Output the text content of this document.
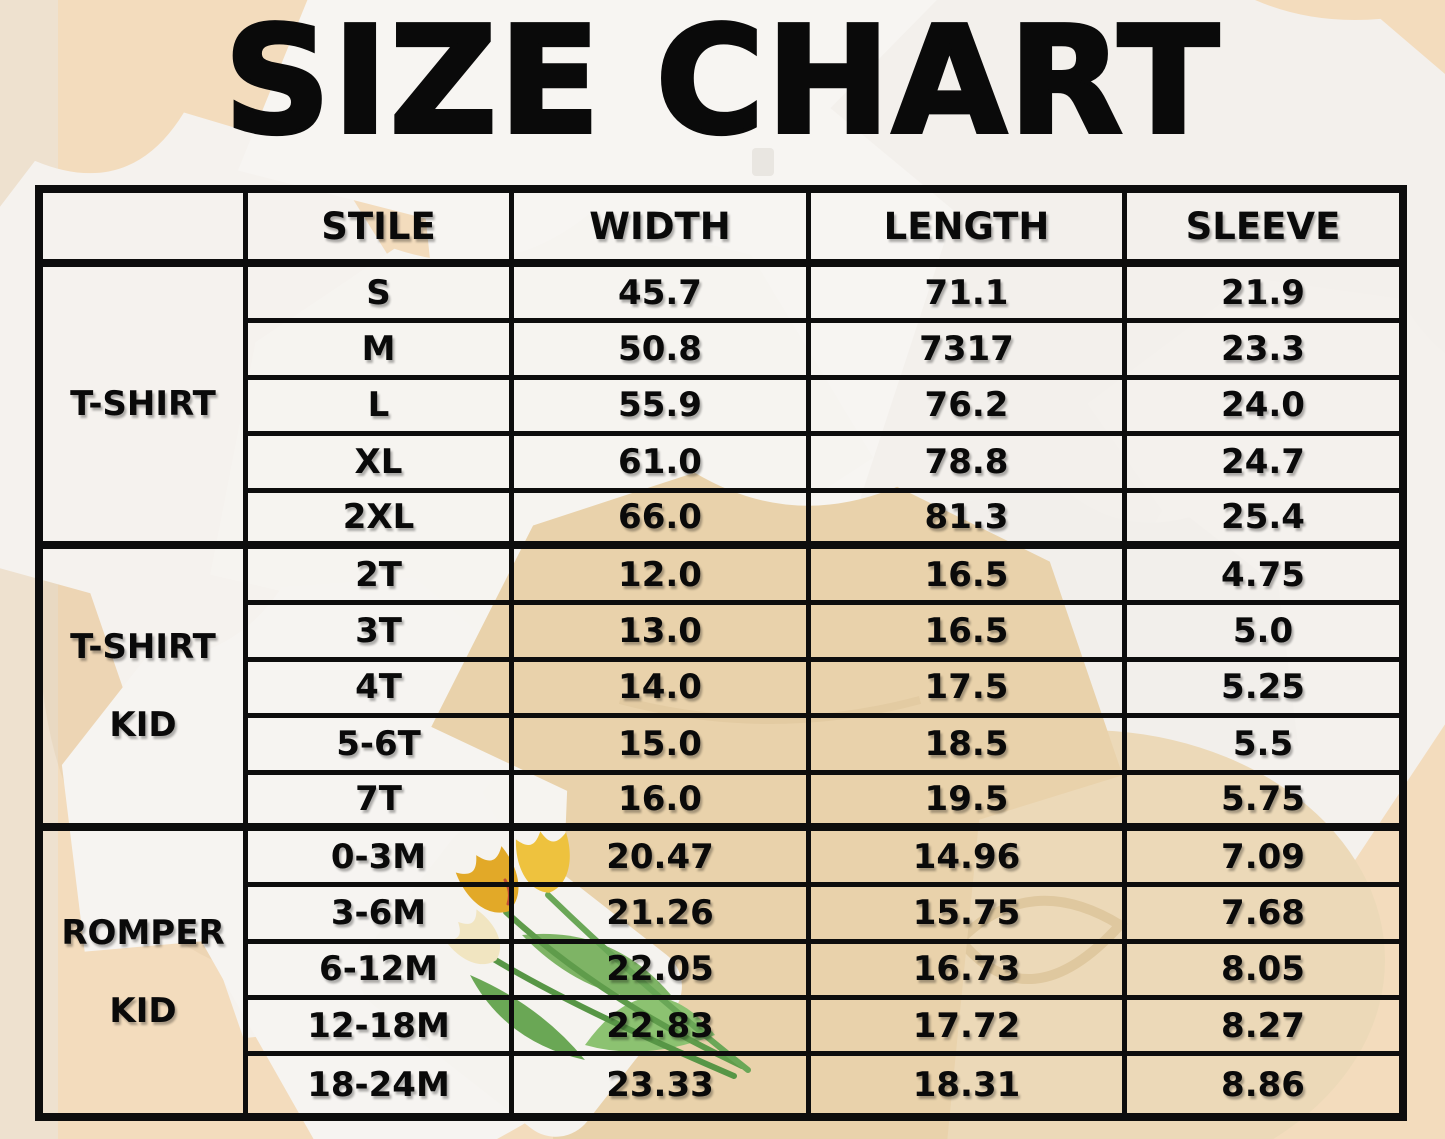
SIZE CHART
STILE	WIDTH	LENGTH	SLEEVE
T-SHIRT
S	45.7	71.1	21.9
M	50.8	7317	23.3
L	55.9	76.2	24.0
XL	61.0	78.8	24.7
2XL	66.0	81.3	25.4
T-SHIRT KID
2T	12.0	16.5	4.75
3T	13.0	16.5	5.0
4T	14.0	17.5	5.25
5-6T	15.0	18.5	5.5
7T	16.0	19.5	5.75
ROMPER KID
0-3M	20.47	14.96	7.09
3-6M	21.26	15.75	7.68
6-12M	22.05	16.73	8.05
12-18M	22.83	17.72	8.27
18-24M	23.33	18.31	8.86
